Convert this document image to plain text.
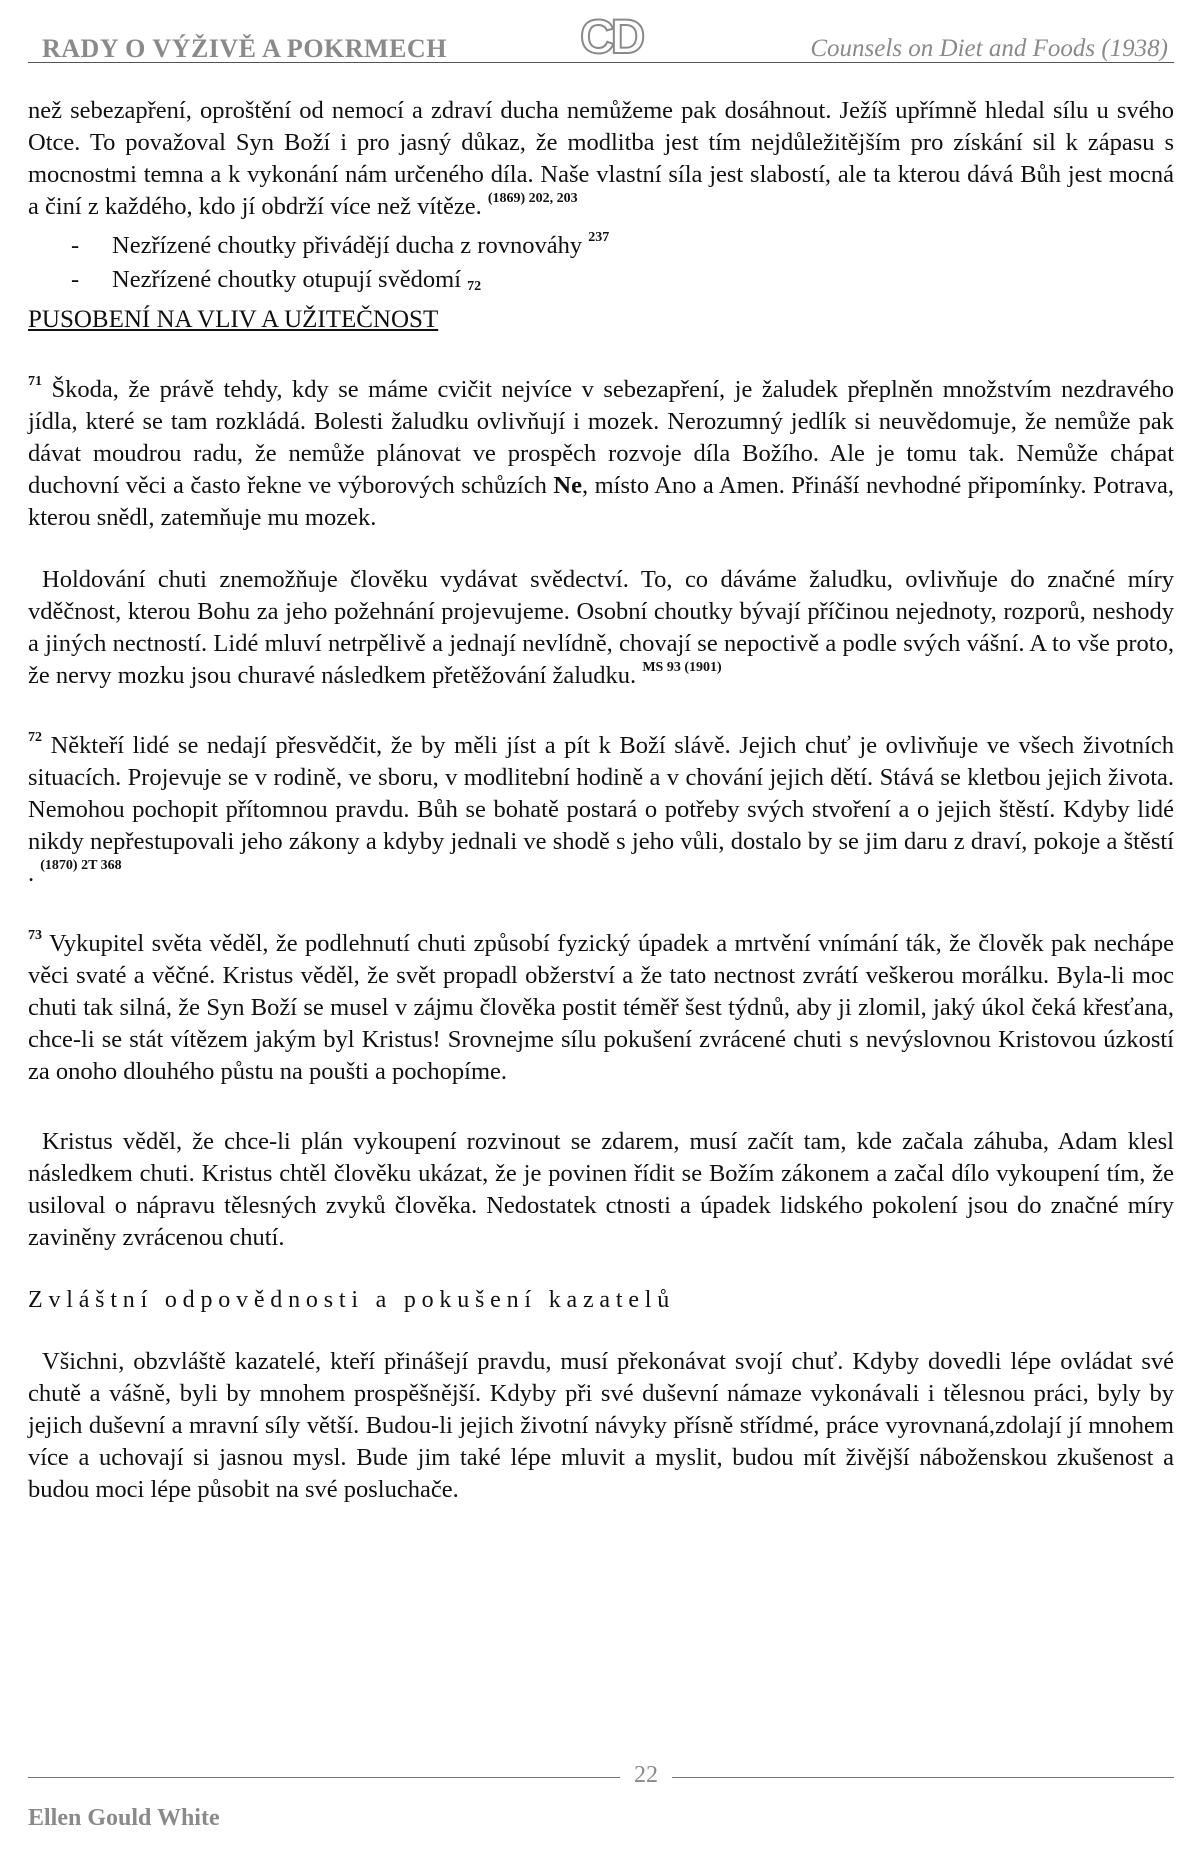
RADY O VÝŽIVĚ A POKRMECH	CD	Counsels on Diet and Foods (1938)

než sebezapření, oproštění od nemocí a zdraví ducha nemůžeme pak dosáhnout. Ježíš upřímně hledal sílu u svého Otce. To považoval Syn Boží i pro jasný důkaz, že modlitba jest tím nejdůležitějším pro získání sil k zápasu s mocnostmi temna a k vykonání nám určeného díla. Naše vlastní síla jest slabostí, ale ta kterou dává Bůh jest mocná a činí z každého, kdo jí obdrží více než vítěze. $^{(1869) 202, 203}$

- Nezřízené choutky přivádějí ducha z rovnováhy $^{237}$
- Nezřízené choutky otupují svědomí 72

PUSOBENÍ NA VLIV A UŽITEČNOST

$^{71}$ Škoda, že právě tehdy, kdy se máme cvičit nejvíce v sebezapření, je žaludek přeplněn množstvím nezdravého jídla, které se tam rozkládá. Bolesti žaludku ovlivňují i mozek. Nerozumný jedlík si neuvědomuje, že nemůže pak dávat moudrou radu, že nemůže plánovat ve prospěch rozvoje díla Božího. Ale je tomu tak. Nemůže chápat duchovní věci a často řekne ve výborových schůzích Ne, místo Ano a Amen. Přináší nevhodné připomínky. Potrava, kterou snědl, zatemňuje mu mozek.

Holdování chuti znemožňuje člověku vydávat svědectví. To, co dáváme žaludku, ovlivňuje do značné míry vděčnost, kterou Bohu za jeho požehnání projevujeme. Osobní choutky bývají příčinou nejednoty, rozporů, neshody a jiných nectností. Lidé mluví netrpělivě a jednají nevlídně, chovají se nepoctivě a podle svých vášní. A to vše proto, že nervy mozku jsou churavé následkem přetěžování žaludku. $^{MS 93 (1901)}$

$^{72}$ Někteří lidé se nedají přesvědčit, že by měli jíst a pít k Boží slávě. Jejich chuť je ovlivňuje ve všech životních situacích. Projevuje se v rodině, ve sboru, v modlitební hodině a v chování jejich dětí. Stává se kletbou jejich života. Nemohou pochopit přítomnou pravdu. Bůh se bohatě postará o potřeby svých stvoření a o jejich štěstí. Kdyby lidé nikdy nepřestupovali jeho zákony a kdyby jednali ve shodě s jeho vůli, dostalo by se jim daru z draví, pokoje a štěstí . $^{(1870) 2T 368}$

$^{73}$ Vykupitel světa věděl, že podlehnutí chuti způsobí fyzický úpadek a mrtvění vnímání ták, že člověk pak nechápe věci svaté a věčné. Kristus věděl, že svět propadl obžerství a že tato nectnost zvrátí veškerou morálku. Byla-li moc chuti tak silná, že Syn Boží se musel v zájmu člověka postit téměř šest týdnů, aby ji zlomil, jaký úkol čeká křesťana, chce-li se stát vítězem jakým byl Kristus! Srovnejme sílu pokušení zvrácené chuti s nevýslovnou Kristovou úzkostí za onoho dlouhého půstu na poušti a pochopíme.

Kristus věděl, že chce-li plán vykoupení rozvinout se zdarem, musí začít tam, kde začala záhuba, Adam klesl následkem chuti. Kristus chtěl člověku ukázat, že je povinen řídit se Božím zákonem a začal dílo vykoupení tím, že usiloval o nápravu tělesných zvyků člověka. Nedostatek ctnosti a úpadek lidského pokolení jsou do značné míry zaviněny zvrácenou chutí.

Zvláštní odpovědnosti a pokušení kazatelů

Všichni, obzvláště kazatelé, kteří přinášejí pravdu, musí překonávat svojí chuť. Kdyby dovedli lépe ovládat své chutě a vášně, byli by mnohem prospěšnější. Kdyby při své duševní námaze vykonávali i tělesnou práci, byly by jejich duševní a mravní síly větší. Budou-li jejich životní návyky přísně střídmé, práce vyrovnaná,zdolají jí mnohem více a uchovají si jasnou mysl. Bude jim také lépe mluvit a myslit, budou mít živější náboženskou zkušenost a budou moci lépe působit na své posluchače.

22
Ellen Gould White
